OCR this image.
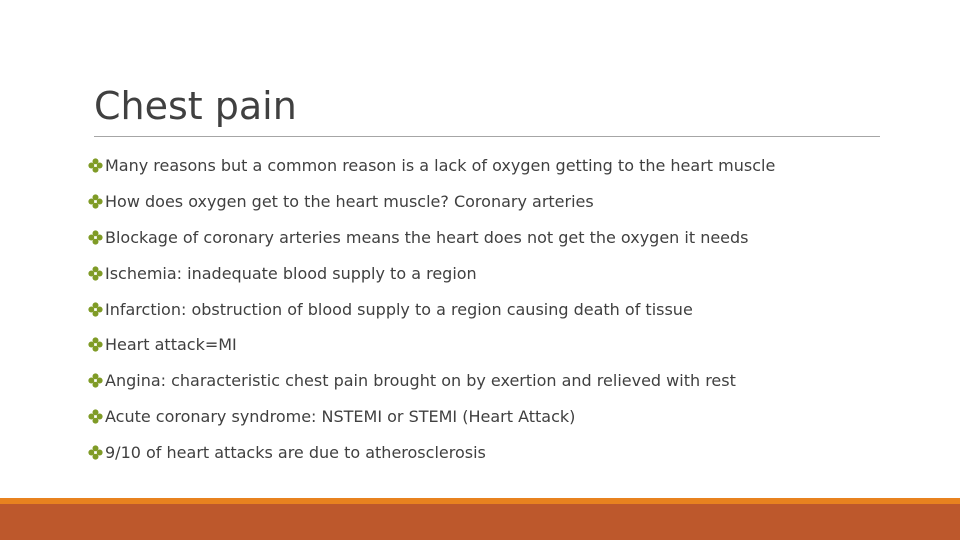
Chest pain
Many reasons but a common reason is a lack of oxygen getting to the heart muscle
How does oxygen get to the heart muscle? Coronary arteries
Blockage of coronary arteries means the heart does not get the oxygen it needs
Ischemia: inadequate blood supply to a region
Infarction: obstruction of blood supply to a region causing death of tissue
Heart attack=MI
Angina: characteristic chest pain brought on by exertion and relieved with rest
Acute coronary syndrome: NSTEMI or STEMI (Heart Attack)
9/10 of heart attacks are due to atherosclerosis
